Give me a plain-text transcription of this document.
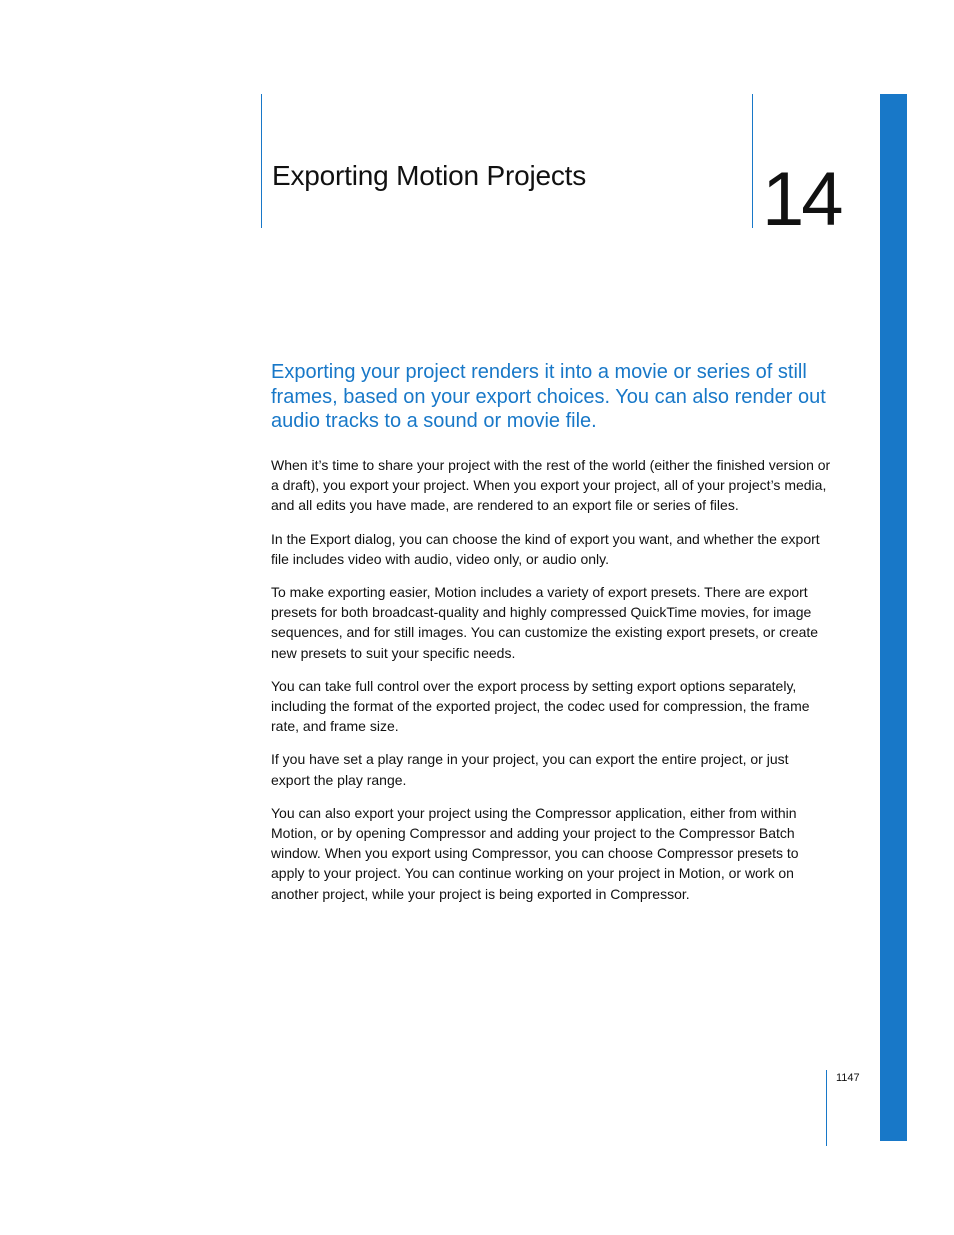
Exporting Motion Projects 14

Exporting your project renders it into a movie or series of still frames, based on your export choices. You can also render out audio tracks to a sound or movie file.

When it’s time to share your project with the rest of the world (either the finished version or a draft), you export your project. When you export your project, all of your project’s media, and all edits you have made, are rendered to an export file or series of files.

In the Export dialog, you can choose the kind of export you want, and whether the export file includes video with audio, video only, or audio only.

To make exporting easier, Motion includes a variety of export presets. There are export presets for both broadcast-quality and highly compressed QuickTime movies, for image sequences, and for still images. You can customize the existing export presets, or create new presets to suit your specific needs.

You can take full control over the export process by setting export options separately, including the format of the exported project, the codec used for compression, the frame rate, and frame size.

If you have set a play range in your project, you can export the entire project, or just export the play range.

You can also export your project using the Compressor application, either from within Motion, or by opening Compressor and adding your project to the Compressor Batch window. When you export using Compressor, you can choose Compressor presets to apply to your project. You can continue working on your project in Motion, or work on another project, while your project is being exported in Compressor.

1147
